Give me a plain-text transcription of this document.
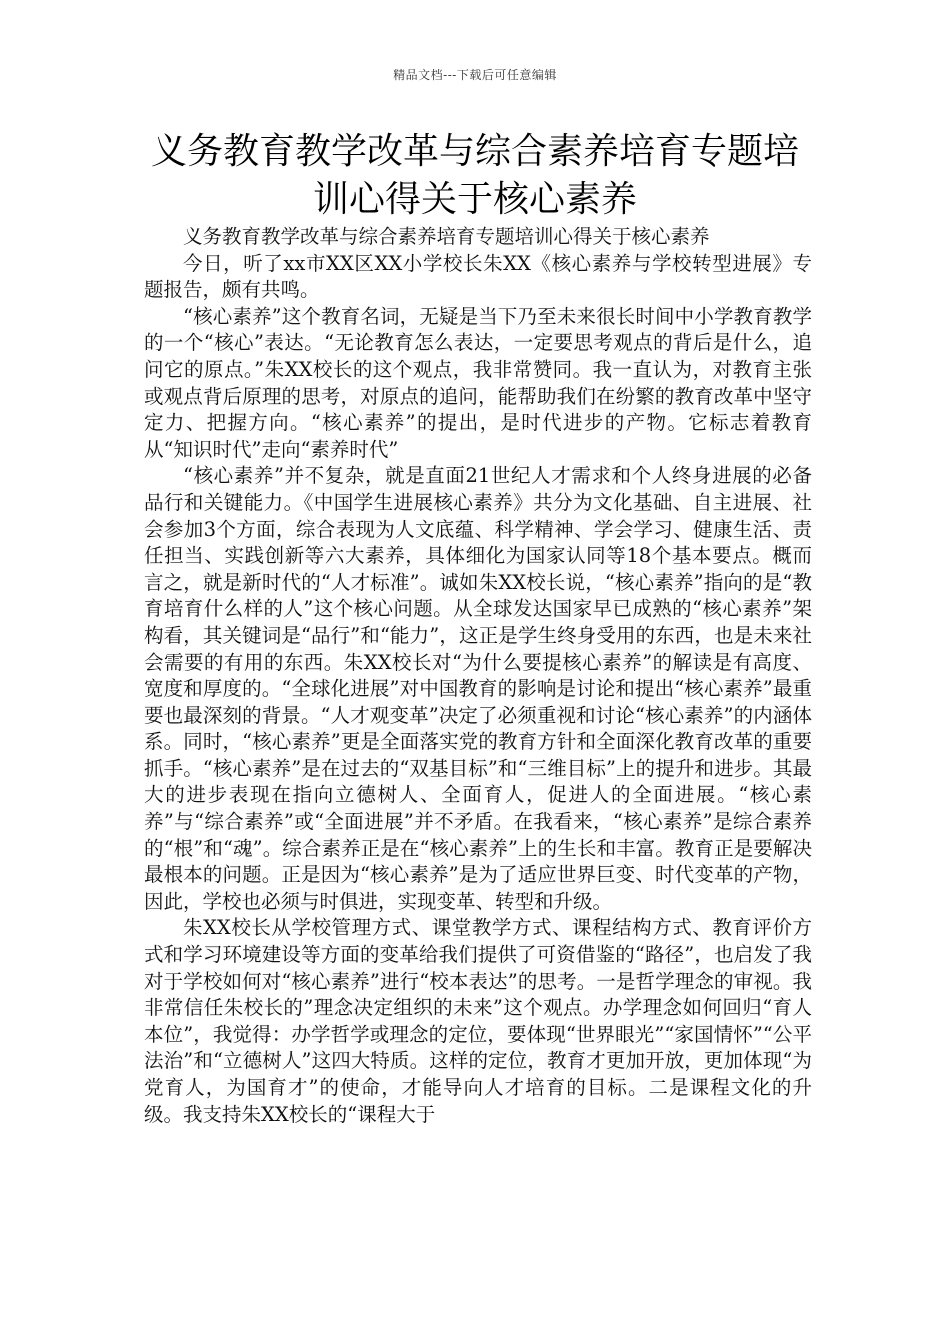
精品文档---下载后可任意编辑
义务教育教学改革与综合素养培育专题培训心得关于核心素养

义务教育教学改革与综合素养培育专题培训心得关于核心素养

今日，听了xx市XX区XX小学校长朱XX《核心素养与学校转型进展》专题报告，颇有共鸣。

“核心素养”这个教育名词，无疑是当下乃至未来很长时间中小学教育教学的一个“核心”表达。“无论教育怎么表达，一定要思考观点的背后是什么，追问它的原点。”朱XX校长的这个观点，我非常赞同。我一直认为，对教育主张或观点背后原理的思考，对原点的追问，能帮助我们在纷繁的教育改革中坚守定力、把握方向。“核心素养”的提出，是时代进步的产物。它标志着教育从“知识时代”走向“素养时代”

“核心素养”并不复杂，就是直面21世纪人才需求和个人终身进展的必备品行和关键能力。《中国学生进展核心素养》共分为文化基础、自主进展、社会参加3个方面，综合表现为人文底蕴、科学精神、学会学习、健康生活、责任担当、实践创新等六大素养，具体细化为国家认同等18个基本要点。概而言之，就是新时代的“人才标准”。诚如朱XX校长说，“核心素养”指向的是“教育培育什么样的人”这个核心问题。从全球发达国家早已成熟的“核心素养”架构看，其关键词是“品行”和“能力”，这正是学生终身受用的东西，也是未来社会需要的有用的东西。朱XX校长对“为什么要提核心素养”的解读是有高度、宽度和厚度的。“全球化进展”对中国教育的影响是讨论和提出“核心素养”最重要也最深刻的背景。“人才观变革”决定了必须重视和讨论“核心素养”的内涵体系。同时，“核心素养”更是全面落实党的教育方针和全面深化教育改革的重要抓手。“核心素养”是在过去的“双基目标”和“三维目标”上的提升和进步。其最大的进步表现在指向立德树人、全面育人，促进人的全面进展。“核心素养”与“综合素养”或“全面进展”并不矛盾。在我看来，“核心素养”是综合素养的“根”和“魂”。综合素养正是在“核心素养”上的生长和丰富。教育正是要解决最根本的问题。正是因为“核心素养”是为了适应世界巨变、时代变革的产物，因此，学校也必须与时俱进，实现变革、转型和升级。

朱XX校长从学校管理方式、课堂教学方式、课程结构方式、教育评价方式和学习环境建设等方面的变革给我们提供了可资借鉴的“路径”，也启发了我对于学校如何对“核心素养”进行“校本表达”的思考。一是哲学理念的审视。我非常信任朱校长的”理念决定组织的未来”这个观点。办学理念如何回归“育人本位”，我觉得：办学哲学或理念的定位，要体现“世界眼光”“家国情怀”“公平法治”和“立德树人”这四大特质。这样的定位，教育才更加开放，更加体现“为党育人，为国育才”的使命，才能导向人才培育的目标。二是课程文化的升级。我支持朱XX校长的“课程大于
